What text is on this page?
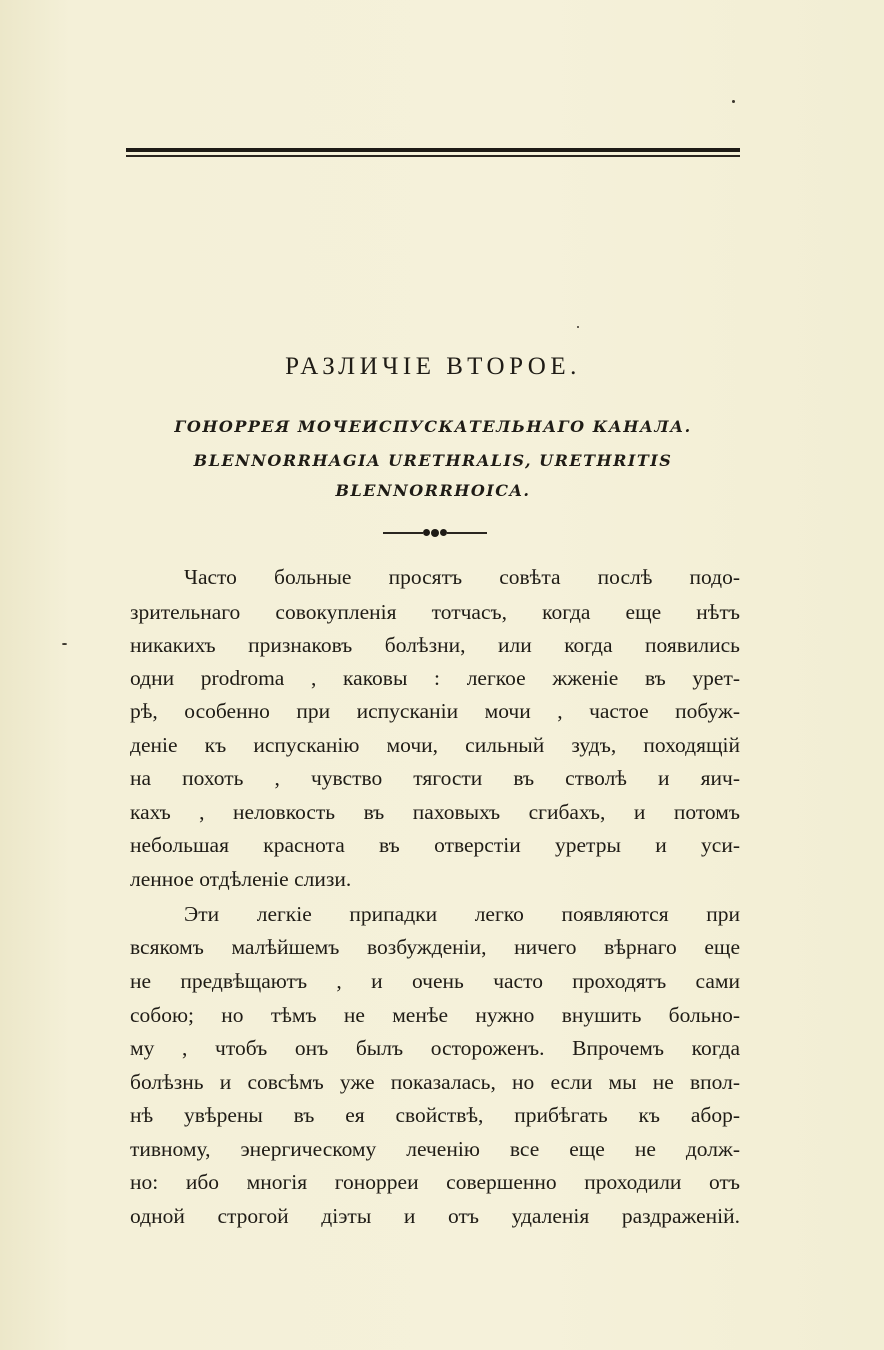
РАЗЛИЧІЕ ВТОРОЕ.
ГОНОРРЕЯ МОЧЕИСПУСКАТЕЛЬНАГО КАНАЛА.
BLENNORRHAGIA URETHRALIS, URETHRITIS
BLENNORRHOICA.

Часто больные просятъ совѣта послѣ подо-

зрительнаго совокупленія тотчасъ, когда еще нѣтъ

никакихъ признаковъ болѣзни, или когда появились

одни prodroma , каковы : легкое жженіе въ урет-

рѣ, особенно при испусканіи мочи , частое побуж-

деніе къ испусканію мочи, сильный зудъ, походящій

на похоть , чувство тягости въ стволѣ и яич-

кахъ , неловкость въ паховыхъ сгибахъ, и потомъ

небольшая краснота въ отверстіи уретры и уси-

ленное отдѣленіе слизи.

Эти легкіе припадки легко появляются при

всякомъ малѣйшемъ возбужденіи, ничего вѣрнаго еще

не предвѣщаютъ , и очень часто проходятъ сами

собою; но тѣмъ не менѣе нужно внушить больно-

му , чтобъ онъ былъ остороженъ. Впрочемъ когда

болѣзнь и совсѣмъ уже показалась, но если мы не впол-

нѣ увѣрены въ ея свойствѣ, прибѣгать къ абор-

тивному, энергическому леченію все еще не долж-

но: ибо многія гонорреи совершенно проходили отъ

одной строгой діэты и отъ удаленія раздраженій.
